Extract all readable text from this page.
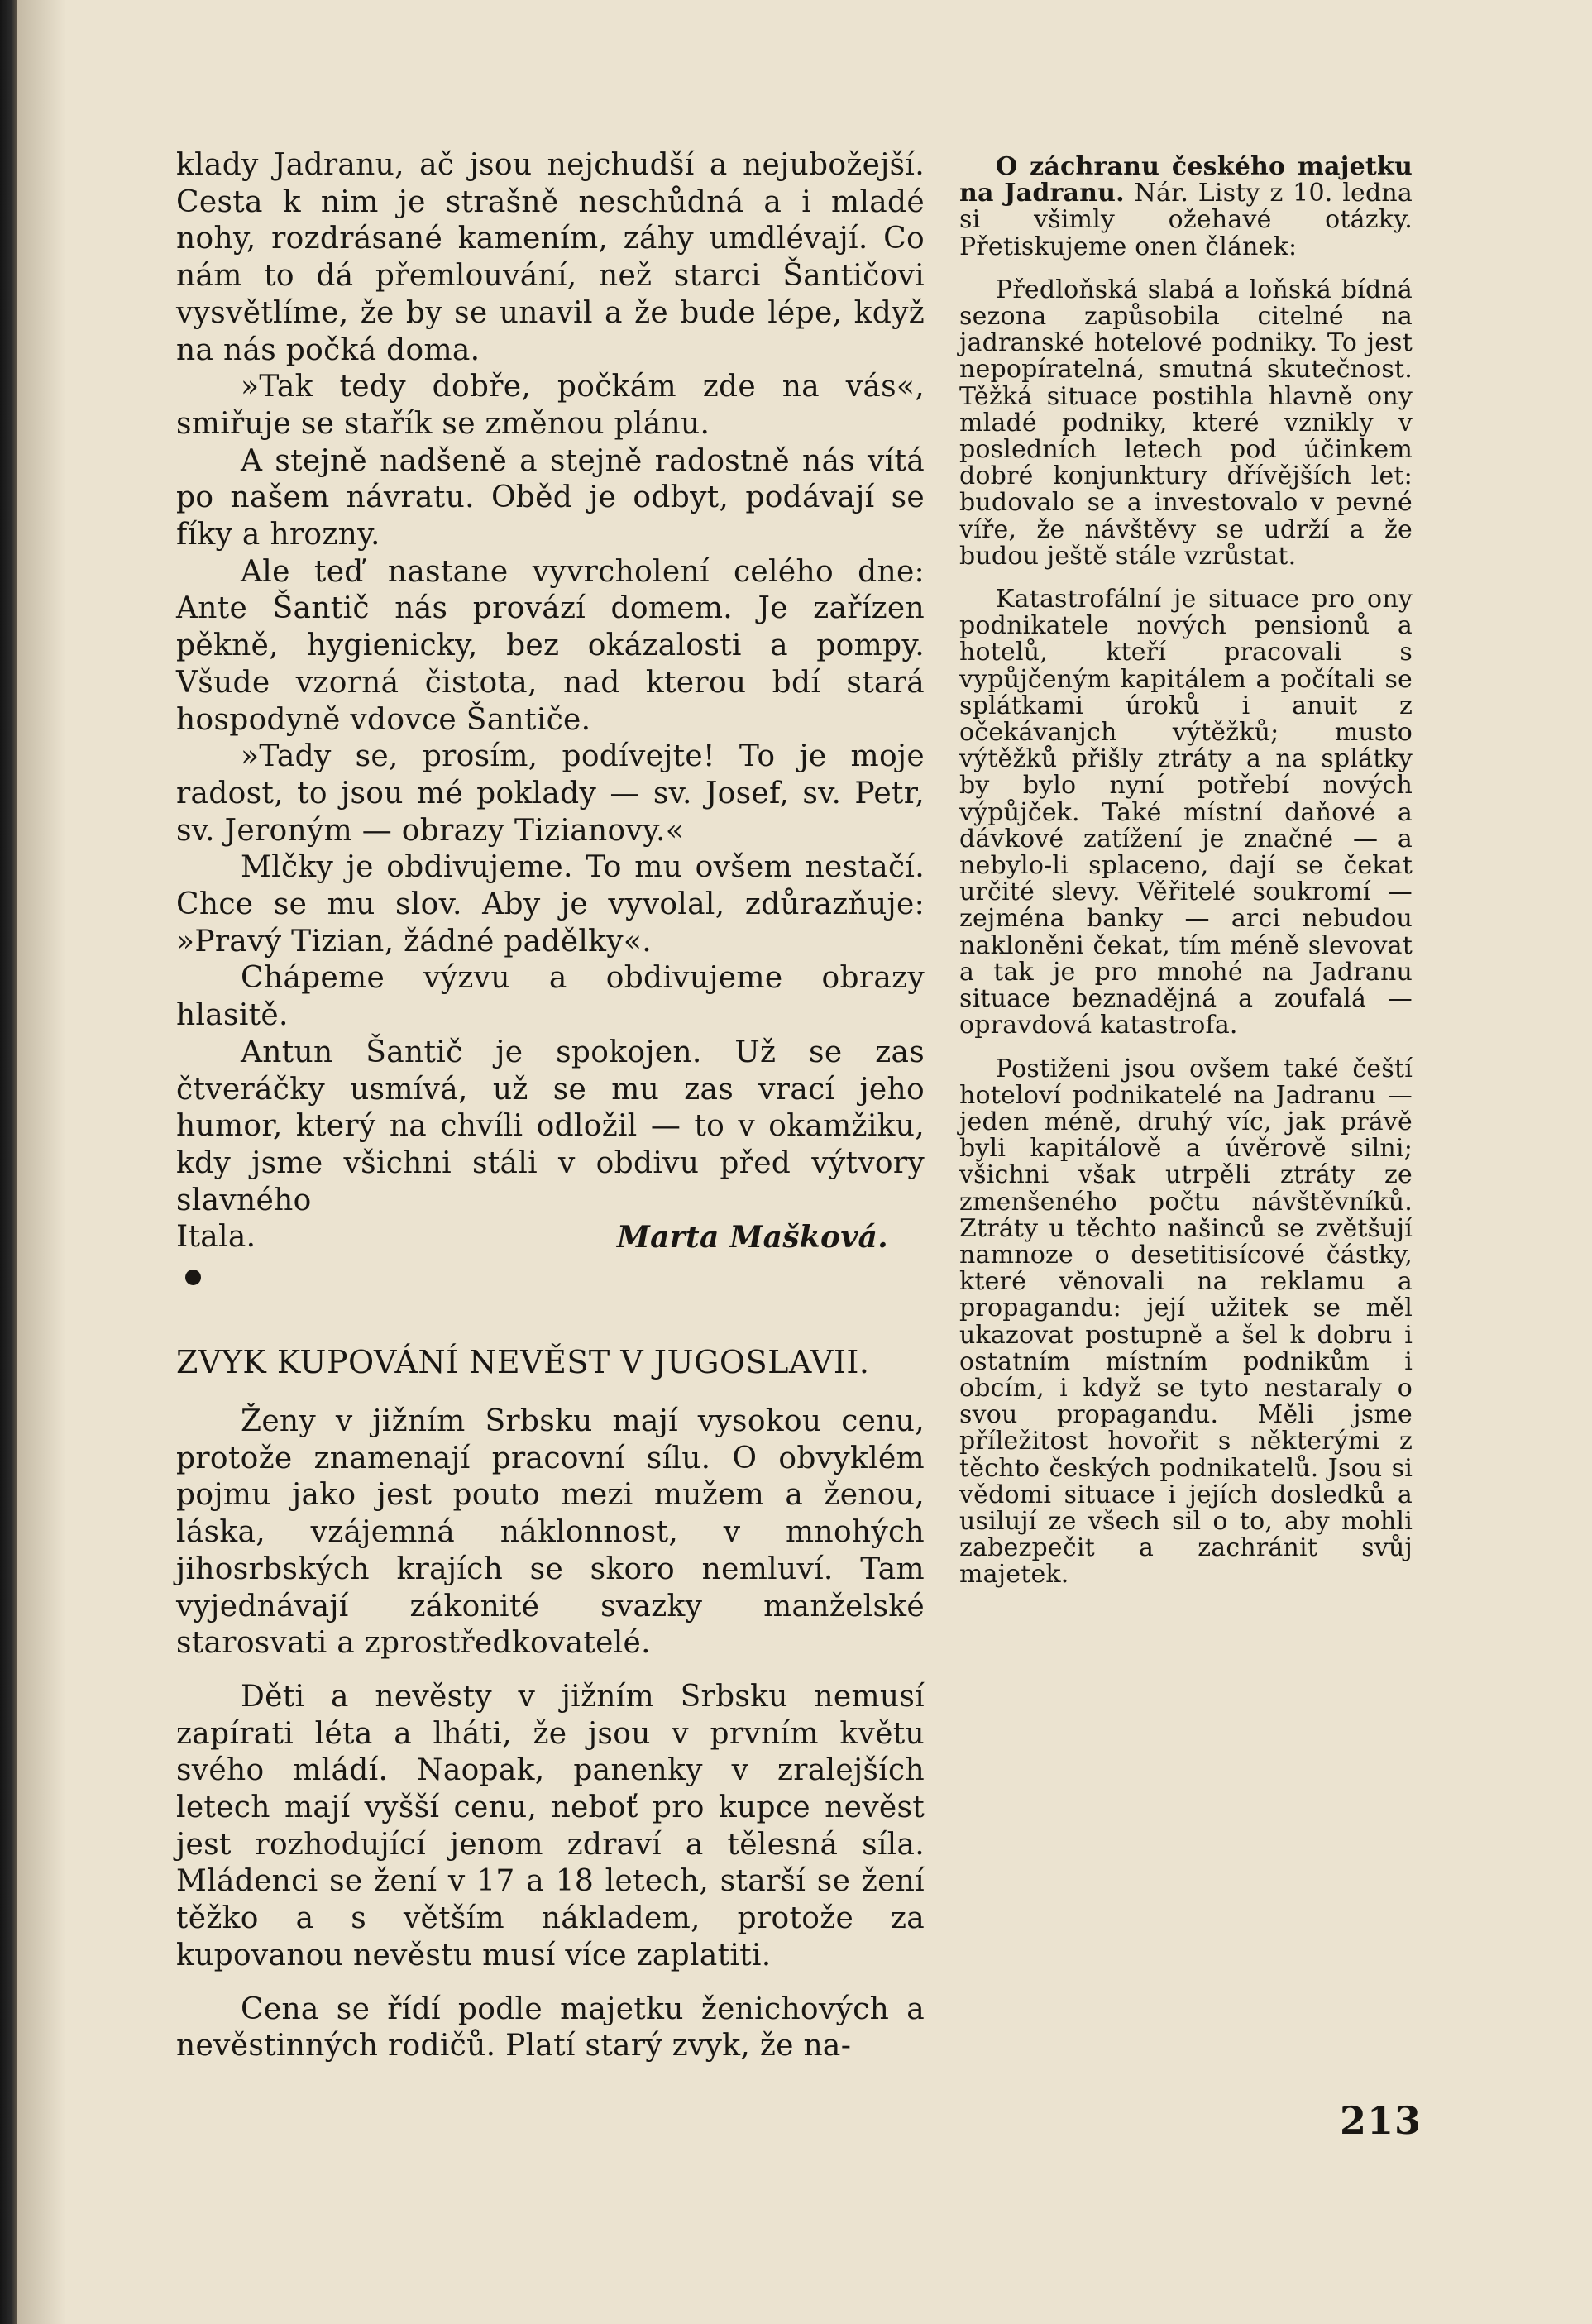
klady Jadranu, ač jsou nejchudší a nejubožejší. Cesta k nim je strašně neschůdná a i mladé nohy, rozdrásané kamením, záhy umdlévají. Co nám to dá přemlouvání, než starci Šantičovi vysvětlíme, že by se unavil a že bude lépe, když na nás počká doma.

»Tak tedy dobře, počkám zde na vás«, smiřuje se stařík se změnou plánu.

A stejně nadšeně a stejně radostně nás vítá po našem návratu. Oběd je odbyt, podávají se fíky a hrozny.

Ale teď nastane vyvrcholení celého dne: Ante Šantič nás provází domem. Je zařízen pěkně, hygienicky, bez okázalosti a pompy. Všude vzorná čistota, nad kterou bdí stará hospodyně vdovce Šantiče.

»Tady se, prosím, podívejte! To je moje radost, to jsou mé poklady — sv. Josef, sv. Petr, sv. Jeroným — obrazy Tizianovy.«

Mlčky je obdivujeme. To mu ovšem nestačí. Chce se mu slov. Aby je vyvolal, zdůrazňuje: »Pravý Tizian, žádné padělky«.

Chápeme výzvu a obdivujeme obrazy hlasitě.

Antun Šantič je spokojen. Už se zas čtveráčky usmívá, už se mu zas vrací jeho humor, který na chvíli odložil — to v okamžiku, kdy jsme všichni stáli v obdivu před výtvory slavného

Itala.	Marta Mašková.
ZVYK KUPOVÁNÍ NEVĚST V JUGOSLAVII.

Ženy v jižním Srbsku mají vysokou cenu, protože znamenají pracovní sílu. O obvyklém pojmu jako jest pouto mezi mužem a ženou, láska, vzájemná náklonnost, v mnohých jihosrbských krajích se skoro nemluví. Tam vyjednávají zákonité svazky manželské starosvati a zprostředkovatelé.

Děti a nevěsty v jižním Srbsku nemusí zapírati léta a lháti, že jsou v prvním květu svého mládí. Naopak, panenky v zralejších letech mají vyšší cenu, neboť pro kupce nevěst jest rozhodující jenom zdraví a tělesná síla. Mládenci se žení v 17 a 18 letech, starší se žení těžko a s větším nákladem, protože za kupovanou nevěstu musí více zaplatiti.

Cena se řídí podle majetku ženichových a nevěstinných rodičů. Platí starý zvyk, že na-

O záchranu českého majetku na Jadranu. Nár. Listy z 10. ledna si všimly ožehavé otázky. Přetiskujeme onen článek:

Předloňská slabá a loňská bídná sezona zapůsobila citelné na jadranské hotelové podniky. To jest nepopíratelná, smutná skutečnost. Těžká situace postihla hlavně ony mladé podniky, které vznikly v posledních letech pod účinkem dobré konjunktury dřívějších let: budovalo se a investovalo v pevné víře, že návštěvy se udrží a že budou ještě stále vzrůstat.

Katastrofální je situace pro ony podnikatele nových pensionů a hotelů, kteří pracovali s vypůjčeným kapitálem a počítali se splátkami úroků i anuit z očekávanjch výtěžků; musto výtěžků přišly ztráty a na splátky by bylo nyní potřebí nových výpůjček. Také místní daňové a dávkové zatížení je značné — a nebylo-li splaceno, dají se čekat určité slevy. Věřitelé soukromí — zejména banky — arci nebudou nakloněni čekat, tím méně slevovat a tak je pro mnohé na Jadranu situace beznadějná a zoufalá — opravdová katastrofa.

Postiženi jsou ovšem také čeští hoteloví podnikatelé na Jadranu — jeden méně, druhý víc, jak právě byli kapitálově a úvěrově silni; všichni však utrpěli ztráty ze zmenšeného počtu návštěvníků. Ztráty u těchto našinců se zvětšují namnoze o desetitisícové částky, které věnovali na reklamu a propagandu: její užitek se měl ukazovat postupně a šel k dobru i ostatním místním podnikům i obcím, i když se tyto nestaraly o svou propagandu. Měli jsme příležitost hovořit s některými z těchto českých podnikatelů. Jsou si vědomi situace i jejích dosledků a usilují ze všech sil o to, aby mohli zabezpečit a zachránit svůj majetek.

213
